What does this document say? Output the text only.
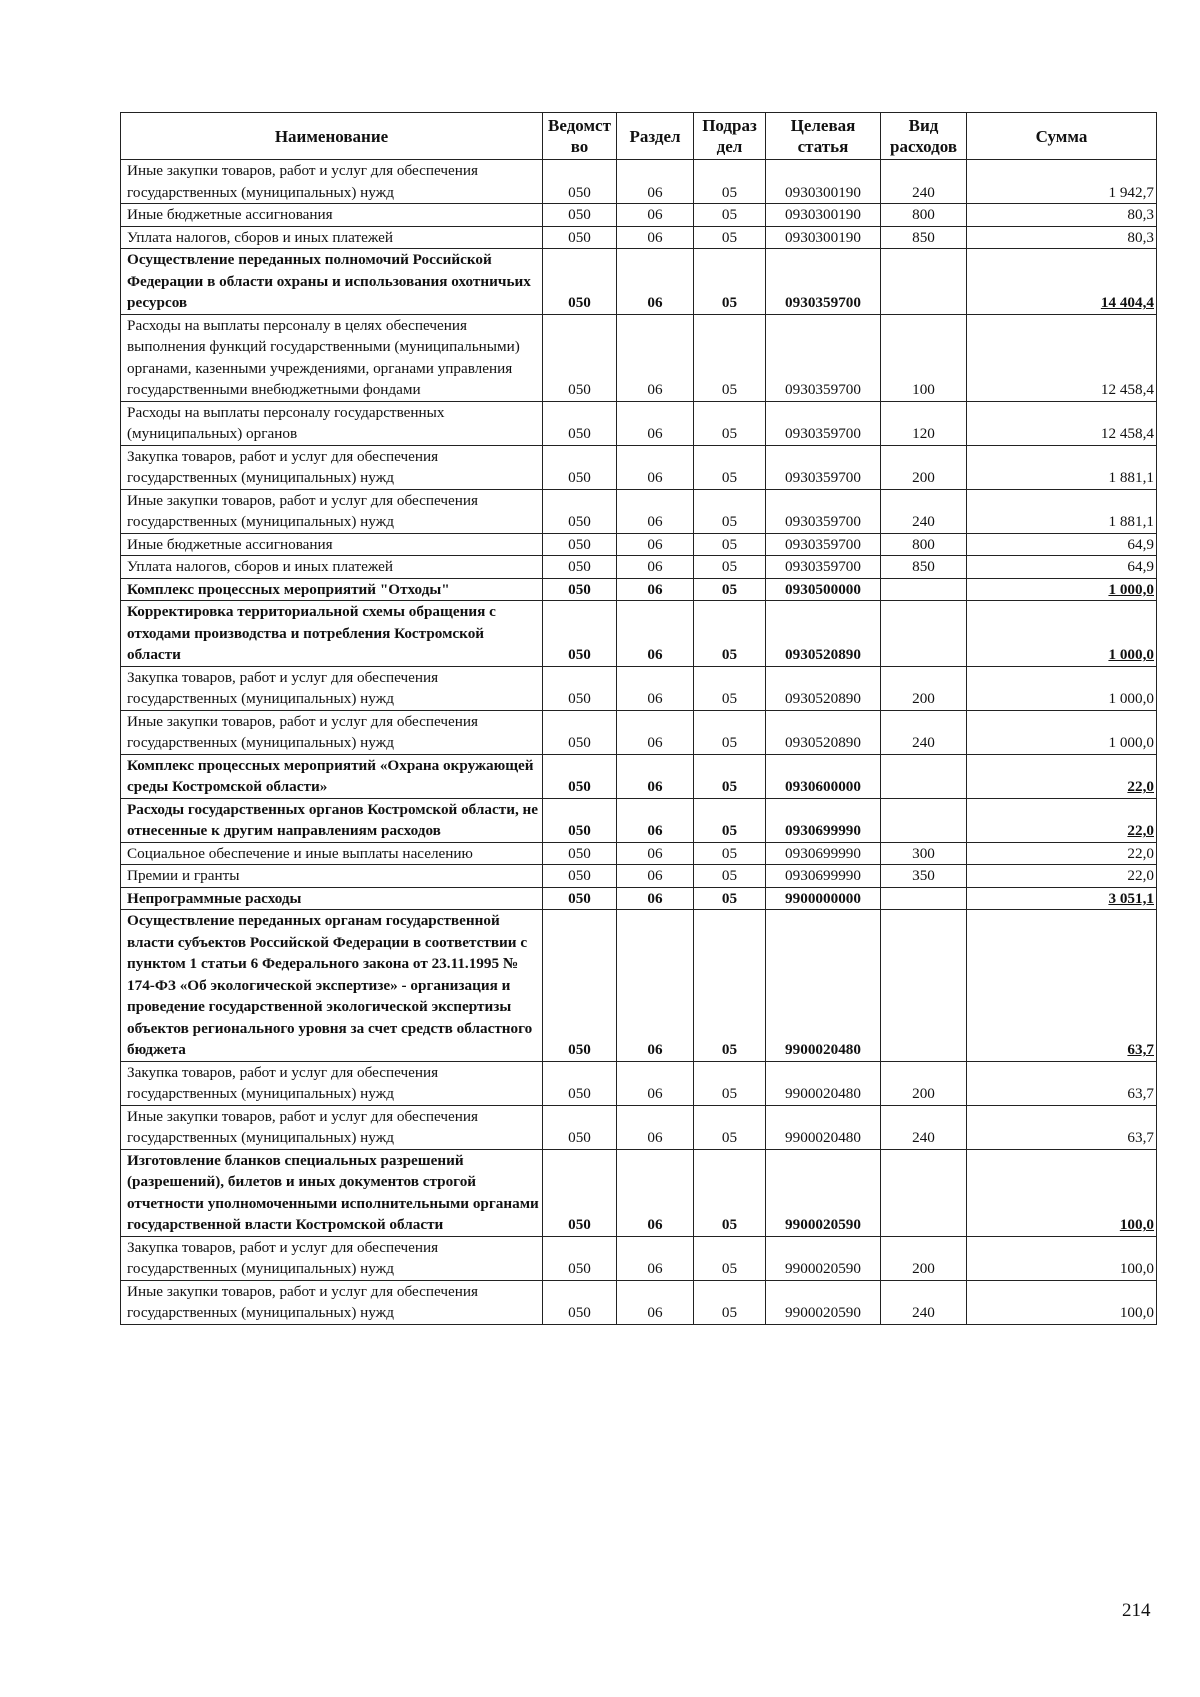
Наименование	Ведомст во	Раздел	Подраз дел	Целевая статья	Вид расходов	Сумма
Иные закупки товаров, работ и услуг для обеспечения государственных (муниципальных) нужд	050	06	05	0930300190	240	1 942,7
Иные бюджетные ассигнования	050	06	05	0930300190	800	80,3
Уплата налогов, сборов и иных платежей	050	06	05	0930300190	850	80,3
Осуществление переданных полномочий Российской Федерации в области охраны и использования охотничьих ресурсов	050	06	05	0930359700		14 404,4
Расходы на выплаты персоналу в целях обеспечения выполнения функций государственными (муниципальными) органами, казенными учреждениями, органами управления государственными внебюджетными фондами	050	06	05	0930359700	100	12 458,4
Расходы на выплаты персоналу государственных (муниципальных) органов	050	06	05	0930359700	120	12 458,4
Закупка товаров, работ и услуг для обеспечения государственных (муниципальных) нужд	050	06	05	0930359700	200	1 881,1
Иные закупки товаров, работ и услуг для обеспечения государственных (муниципальных) нужд	050	06	05	0930359700	240	1 881,1
Иные бюджетные ассигнования	050	06	05	0930359700	800	64,9
Уплата налогов, сборов и иных платежей	050	06	05	0930359700	850	64,9
Комплекс процессных мероприятий "Отходы"	050	06	05	0930500000		1 000,0
Корректировка территориальной схемы обращения с отходами производства и потребления Костромской области	050	06	05	0930520890		1 000,0
Закупка товаров, работ и услуг для обеспечения государственных (муниципальных) нужд	050	06	05	0930520890	200	1 000,0
Иные закупки товаров, работ и услуг для обеспечения государственных (муниципальных) нужд	050	06	05	0930520890	240	1 000,0
Комплекс процессных мероприятий «Охрана окружающей среды Костромской области»	050	06	05	0930600000		22,0
Расходы государственных органов Костромской области, не отнесенные к другим направлениям расходов	050	06	05	0930699990		22,0
Социальное обеспечение и иные выплаты населению	050	06	05	0930699990	300	22,0
Премии и гранты	050	06	05	0930699990	350	22,0
Непрограммные расходы	050	06	05	9900000000		3 051,1
Осуществление переданных органам государственной власти субъектов Российской Федерации в соответствии с пунктом 1 статьи 6 Федерального закона от 23.11.1995 № 174-ФЗ «Об экологической экспертизе» - организация и проведение государственной экологической экспертизы объектов регионального уровня за счет средств областного бюджета	050	06	05	9900020480		63,7
Закупка товаров, работ и услуг для обеспечения государственных (муниципальных) нужд	050	06	05	9900020480	200	63,7
Иные закупки товаров, работ и услуг для обеспечения государственных (муниципальных) нужд	050	06	05	9900020480	240	63,7
Изготовление бланков специальных разрешений (разрешений), билетов и иных документов строгой отчетности уполномоченными исполнительными органами государственной власти Костромской области	050	06	05	9900020590		100,0
Закупка товаров, работ и услуг для обеспечения государственных (муниципальных) нужд	050	06	05	9900020590	200	100,0
Иные закупки товаров, работ и услуг для обеспечения государственных (муниципальных) нужд	050	06	05	9900020590	240	100,0
214
